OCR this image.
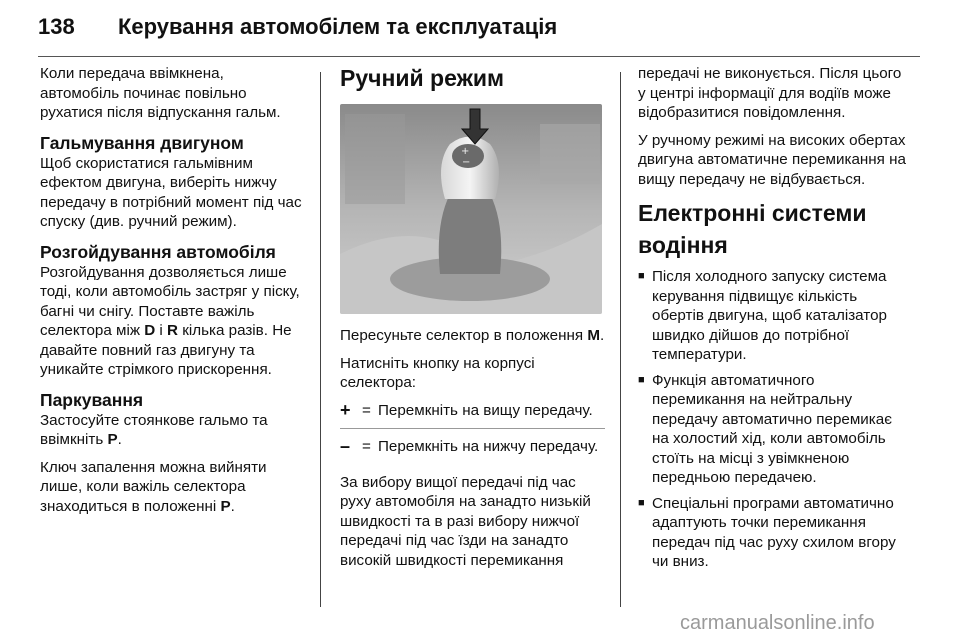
138 Керування автомобілем та експлуатація

Коли передача ввімкнена, автомобіль починає повільно рухатися після відпускання гальм.

Гальмування двигуном

Щоб скористатися гальмівним ефектом двигуна, виберіть нижчу передачу в потрібний момент під час спуску (див. ручний режим).

Розгойдування автомобіля

Розгойдування дозволяється лише тоді, коли автомобіль застряг у піску, багні чи снігу. Поставте важіль селектора між D і R кілька разів. Не давайте повний газ двигуну та уникайте стрімкого прискорення.

Паркування

Застосуйте стоянкове гальмо та ввімкніть P.

Ключ запалення можна вийняти лише, коли важіль селектора знаходиться в положенні P.

Ручний режим
+
−

Пересуньте селектор в положення M.

Натисніть кнопку на корпусі селектора:

+ = Перемкніть на вищу передачу.
– = Перемкніть на нижчу передачу.

За вибору вищої передачі під час руху автомобіля на занадто низькій швидкості та в разі вибору нижчої передачі під час їзди на занадто високій швидкості перемикання

передачі не виконується. Після цього у центрі інформації для водіїв може відобразитися повідомлення.

У ручному режимі на високих обертах двигуна автоматичне перемикання на вищу передачу не відбувається.

Електронні системи
водіння
■ Після холодного запуску система керування підвищує кількість обертів двигуна, щоб каталізатор швидко дійшов до потрібної температури.
■ Функція автоматичного перемикання на нейтральну передачу автоматично перемикає на холостий хід, коли автомобіль стоїть на місці з увімкненою передньою передачею.
■ Спеціальні програми автоматично адаптують точки перемикання передач під час руху схилом вгору чи вниз.
carmanualsonline.info
